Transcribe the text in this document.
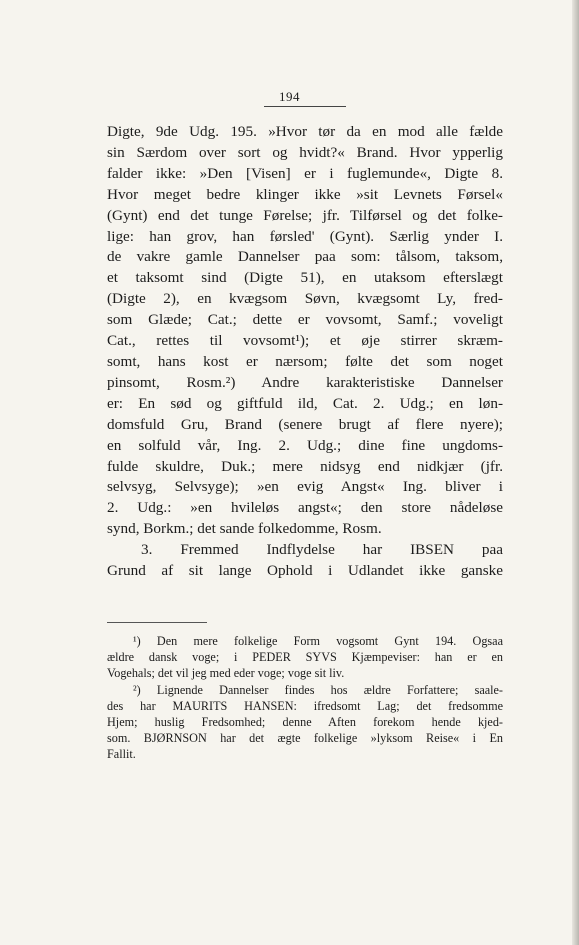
194
Digte, 9de Udg. 195. »Hvor tør da en mod alle fælde
sin Særdom over sort og hvidt?« Brand. Hvor ypperlig
falder ikke: »Den [Visen] er i fuglemunde«, Digte 8.
Hvor meget bedre klinger ikke »sit Levnets Førsel«
(Gynt) end det tunge Førelse; jfr. Tilførsel og det folke-
lige: han grov, han førsled' (Gynt). Særlig ynder I.
de vakre gamle Dannelser paa som: tålsom, taksom,
et taksomt sind (Digte 51), en utaksom efterslægt
(Digte 2), en kvægsom Søvn, kvægsomt Ly, fred-
som Glæde; Cat.; dette er vovsomt, Samf.; voveligt
Cat., rettes til vovsomt¹); et øje stirrer skræm-
somt, hans kost er nærsom; følte det som noget
pinsomt, Rosm.²) Andre karakteristiske Dannelser
er: En sød og giftfuld ild, Cat. 2. Udg.; en løn-
domsfuld Gru, Brand (senere brugt af flere nyere);
en solfuld vår, Ing. 2. Udg.; dine fine ungdoms-
fulde skuldre, Duk.; mere nidsyg end nidkjær (jfr.
selvsyg, Selvsyge); »en evig Angst« Ing. bliver i
2. Udg.: »en hvileløs angst«; den store nådeløse
synd, Borkm.; det sande folkedomme, Rosm.
3. Fremmed Indflydelse har IBSEN paa
Grund af sit lange Ophold i Udlandet ikke ganske
¹) Den mere folkelige Form vogsomt Gynt 194. Ogsaa
ældre dansk voge; i PEDER SYVS Kjæmpeviser: han er en
Vogehals; det vil jeg med eder voge; voge sit liv.
²) Lignende Dannelser findes hos ældre Forfattere; saale-
des har MAURITS HANSEN: ifredsomt Lag; det fredsomme
Hjem; huslig Fredsomhed; denne Aften forekom hende kjed-
som. BJØRNSON har det ægte folkelige »lyksom Reise« i En
Fallit.
